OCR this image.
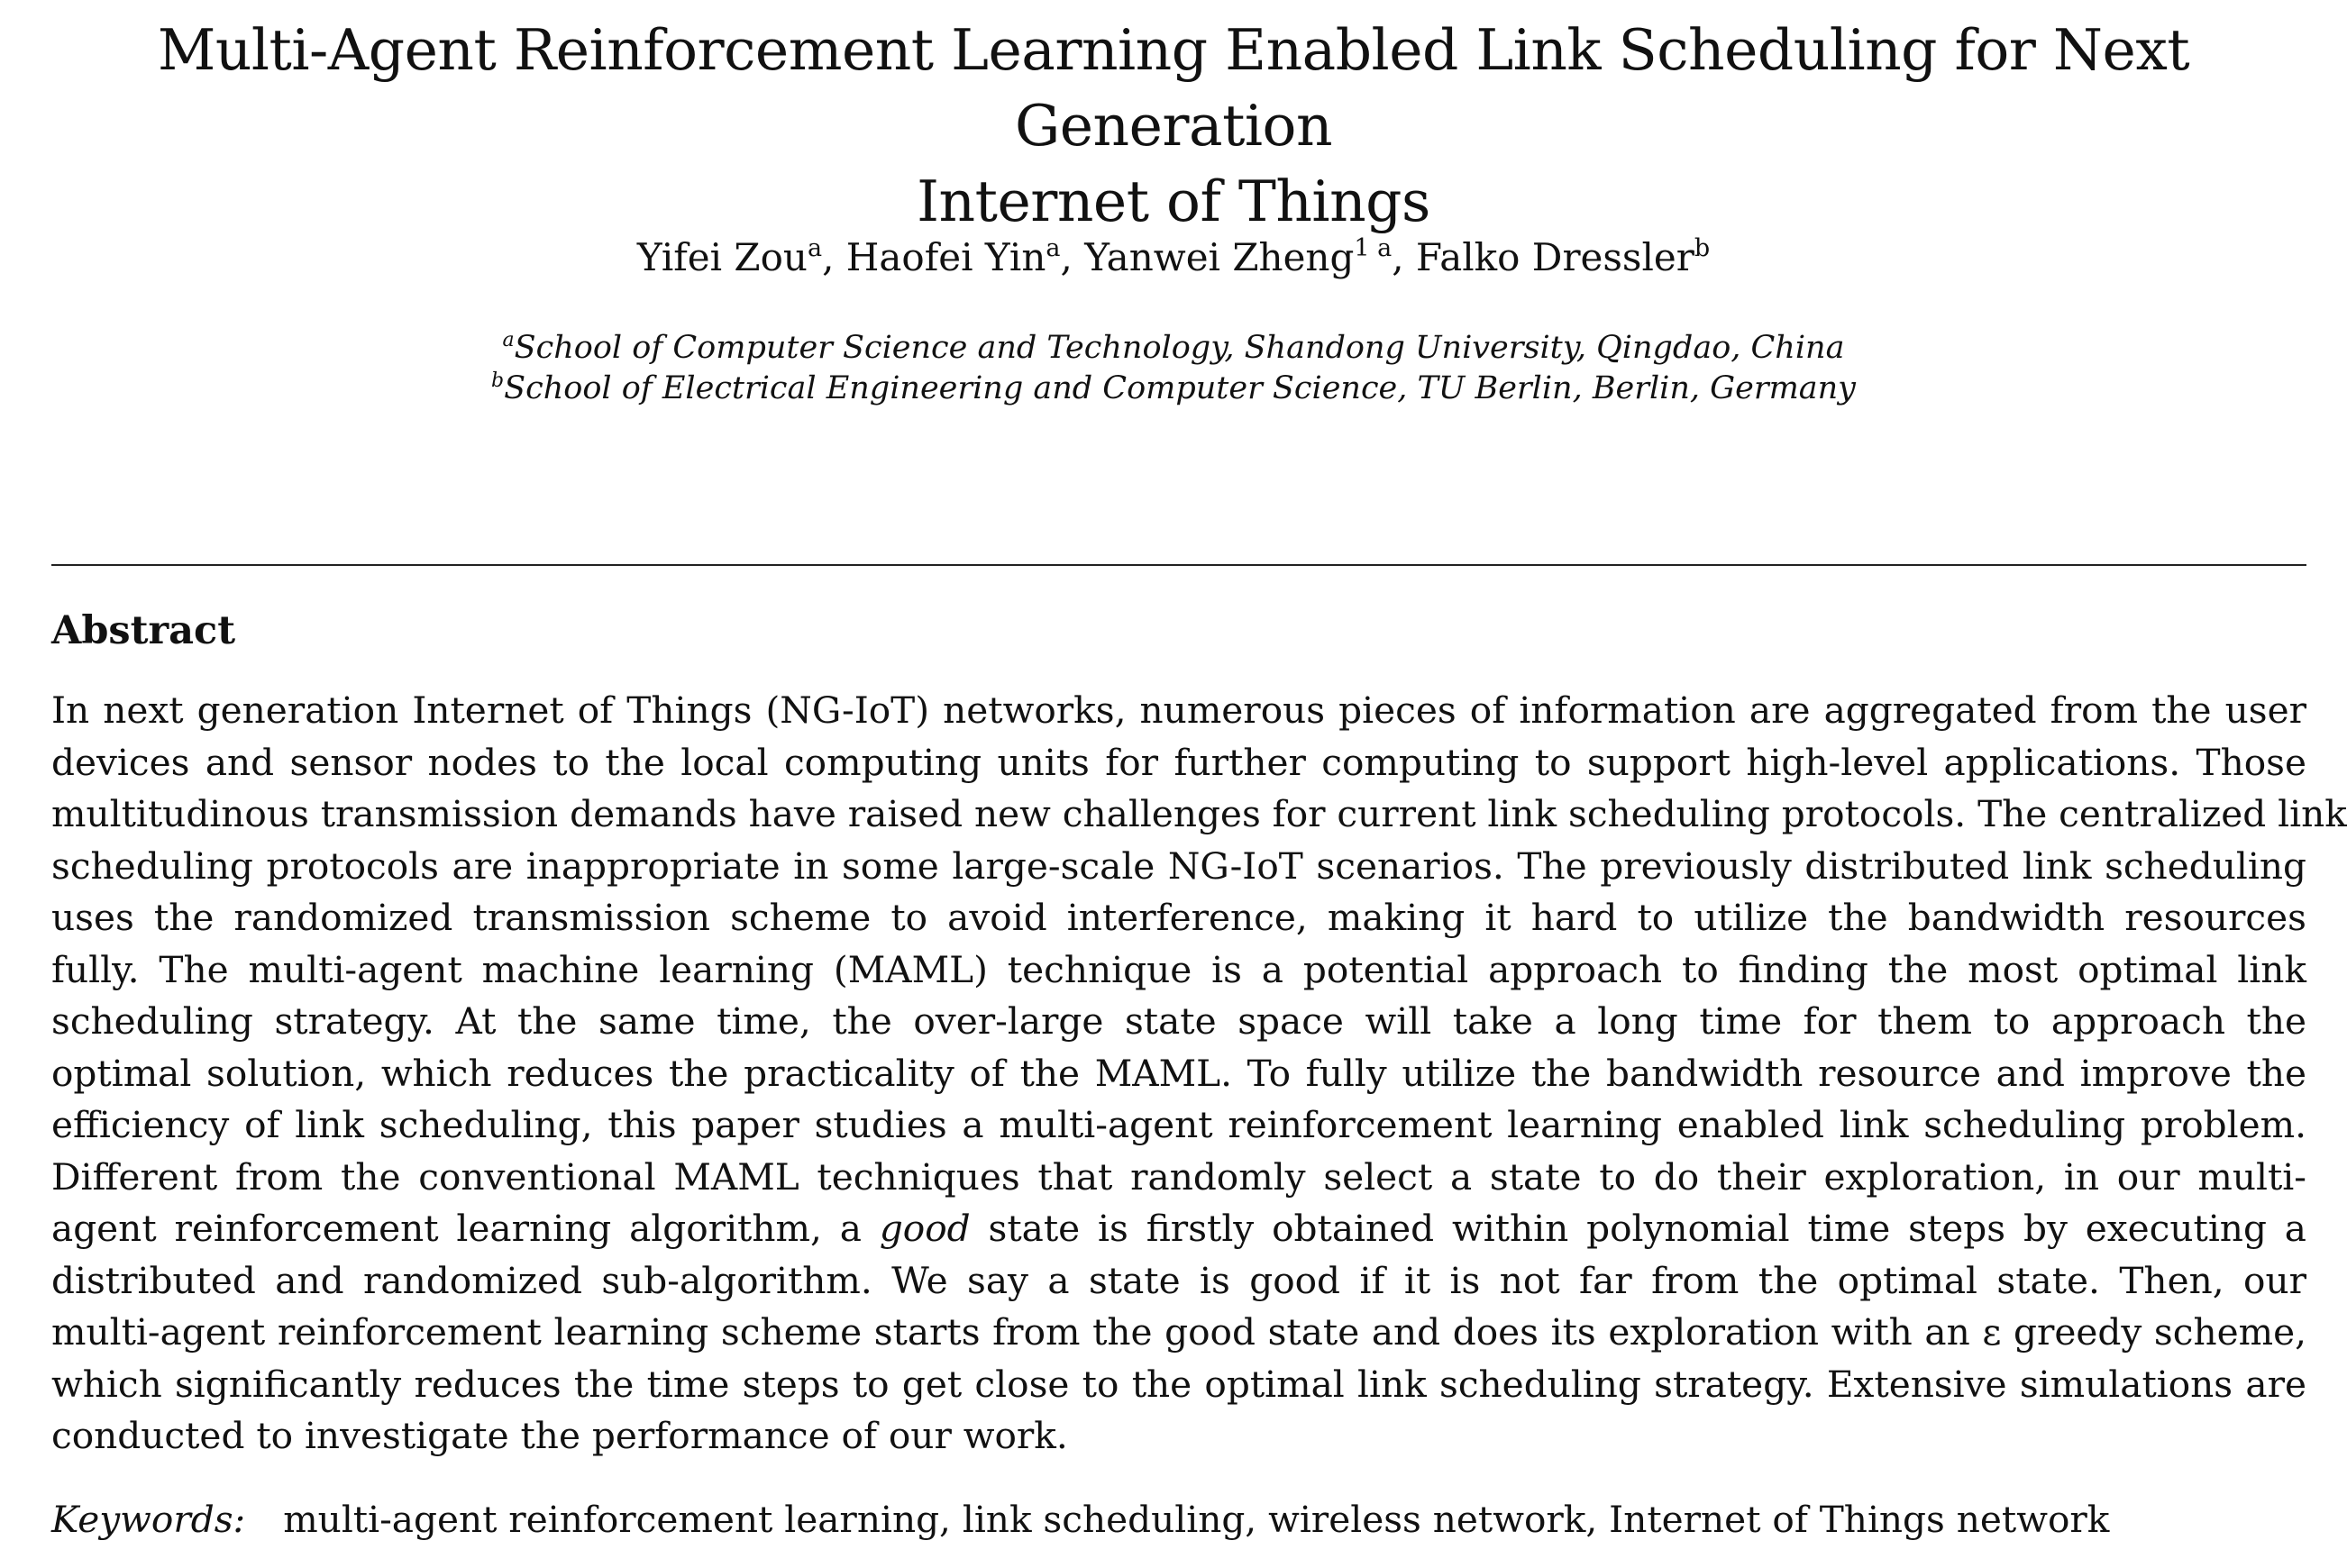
Multi-Agent Reinforcement Learning Enabled Link Scheduling for Next Generation
Internet of Things
Yifei Zou$^a$, Haofei Yin$^a$, Yanwei Zheng$^{1 a}$, Falko Dressler$^b$
$^a$School of Computer Science and Technology, Shandong University, Qingdao, China
$^b$School of Electrical Engineering and Computer Science, TU Berlin, Berlin, Germany
Abstract
In next generation Internet of Things (NG-IoT) networks, numerous pieces of information are aggregated from the user
devices and sensor nodes to the local computing units for further computing to support high-level applications. Those
multitudinous transmission demands have raised new challenges for current link scheduling protocols. The centralized link
scheduling protocols are inappropriate in some large-scale NG-IoT scenarios. The previously distributed link scheduling
uses the randomized transmission scheme to avoid interference, making it hard to utilize the bandwidth resources
fully. The multi-agent machine learning (MAML) technique is a potential approach to finding the most optimal link
scheduling strategy. At the same time, the over-large state space will take a long time for them to approach the
optimal solution, which reduces the practicality of the MAML. To fully utilize the bandwidth resource and improve the
efficiency of link scheduling, this paper studies a multi-agent reinforcement learning enabled link scheduling problem.
Different from the conventional MAML techniques that randomly select a state to do their exploration, in our multi-
agent reinforcement learning algorithm, a good state is firstly obtained within polynomial time steps by executing a
distributed and randomized sub-algorithm. We say a state is good if it is not far from the optimal state. Then, our
multi-agent reinforcement learning scheme starts from the good state and does its exploration with an ε greedy scheme,
which significantly reduces the time steps to get close to the optimal link scheduling strategy. Extensive simulations are
conducted to investigate the performance of our work.
Keywords: multi-agent reinforcement learning, link scheduling, wireless network, Internet of Things network
